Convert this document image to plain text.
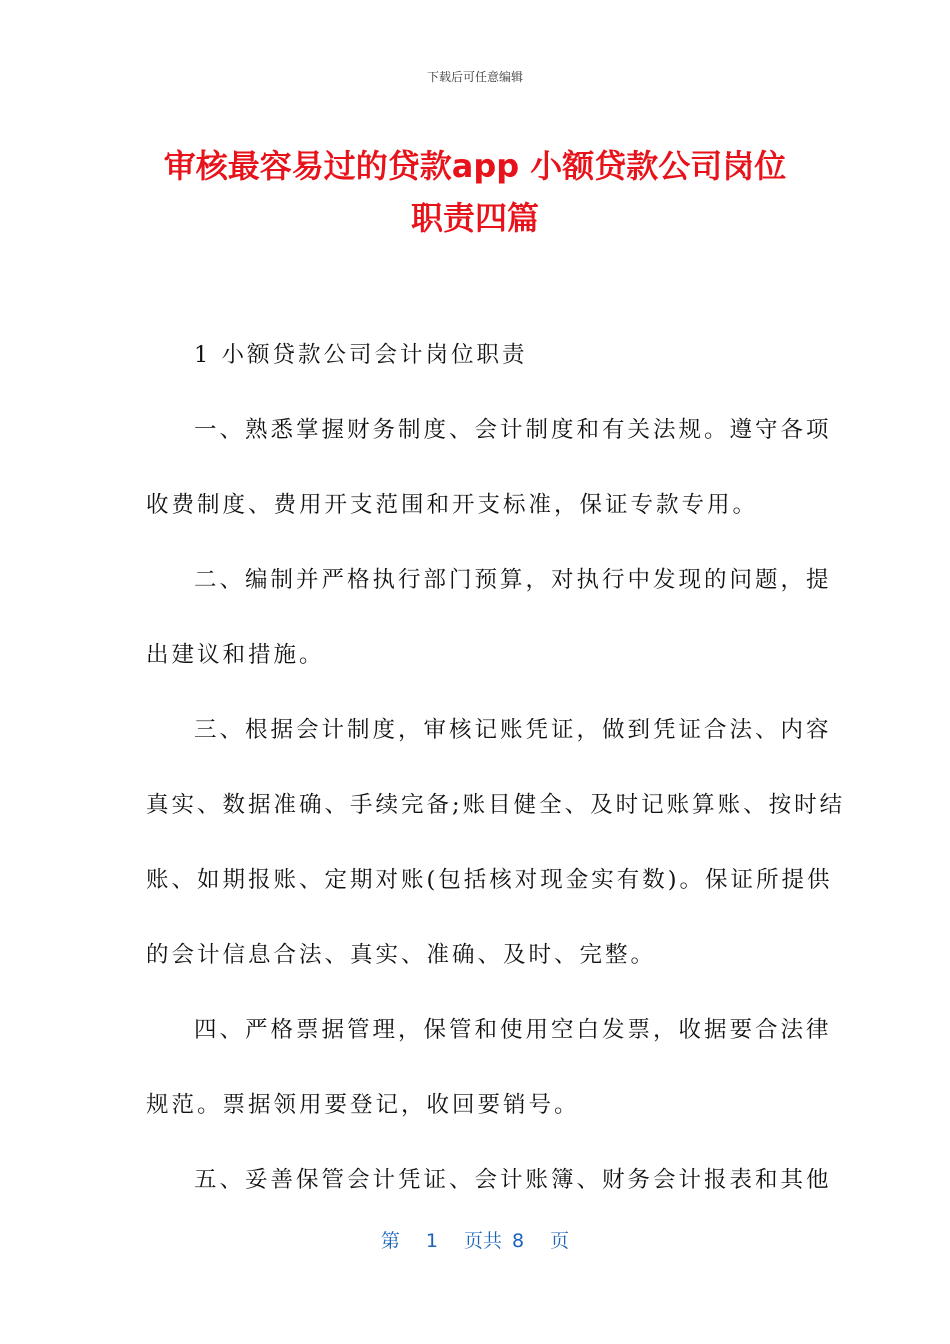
下载后可任意编辑
审核最容易过的贷款app 小额贷款公司岗位
职责四篇
1 小额贷款公司会计岗位职责
一、熟悉掌握财务制度、会计制度和有关法规。遵守各项
收费制度、费用开支范围和开支标准，保证专款专用。
二、编制并严格执行部门预算，对执行中发现的问题，提
出建议和措施。
三、根据会计制度，审核记账凭证，做到凭证合法、内容
真实、数据准确、手续完备;账目健全、及时记账算账、按时结
账、如期报账、定期对账(包括核对现金实有数)。保证所提供
的会计信息合法、真实、准确、及时、完整。
四、严格票据管理，保管和使用空白发票，收据要合法律
规范。票据领用要登记，收回要销号。
五、妥善保管会计凭证、会计账簿、财务会计报表和其他
第 1 页共 8 页
